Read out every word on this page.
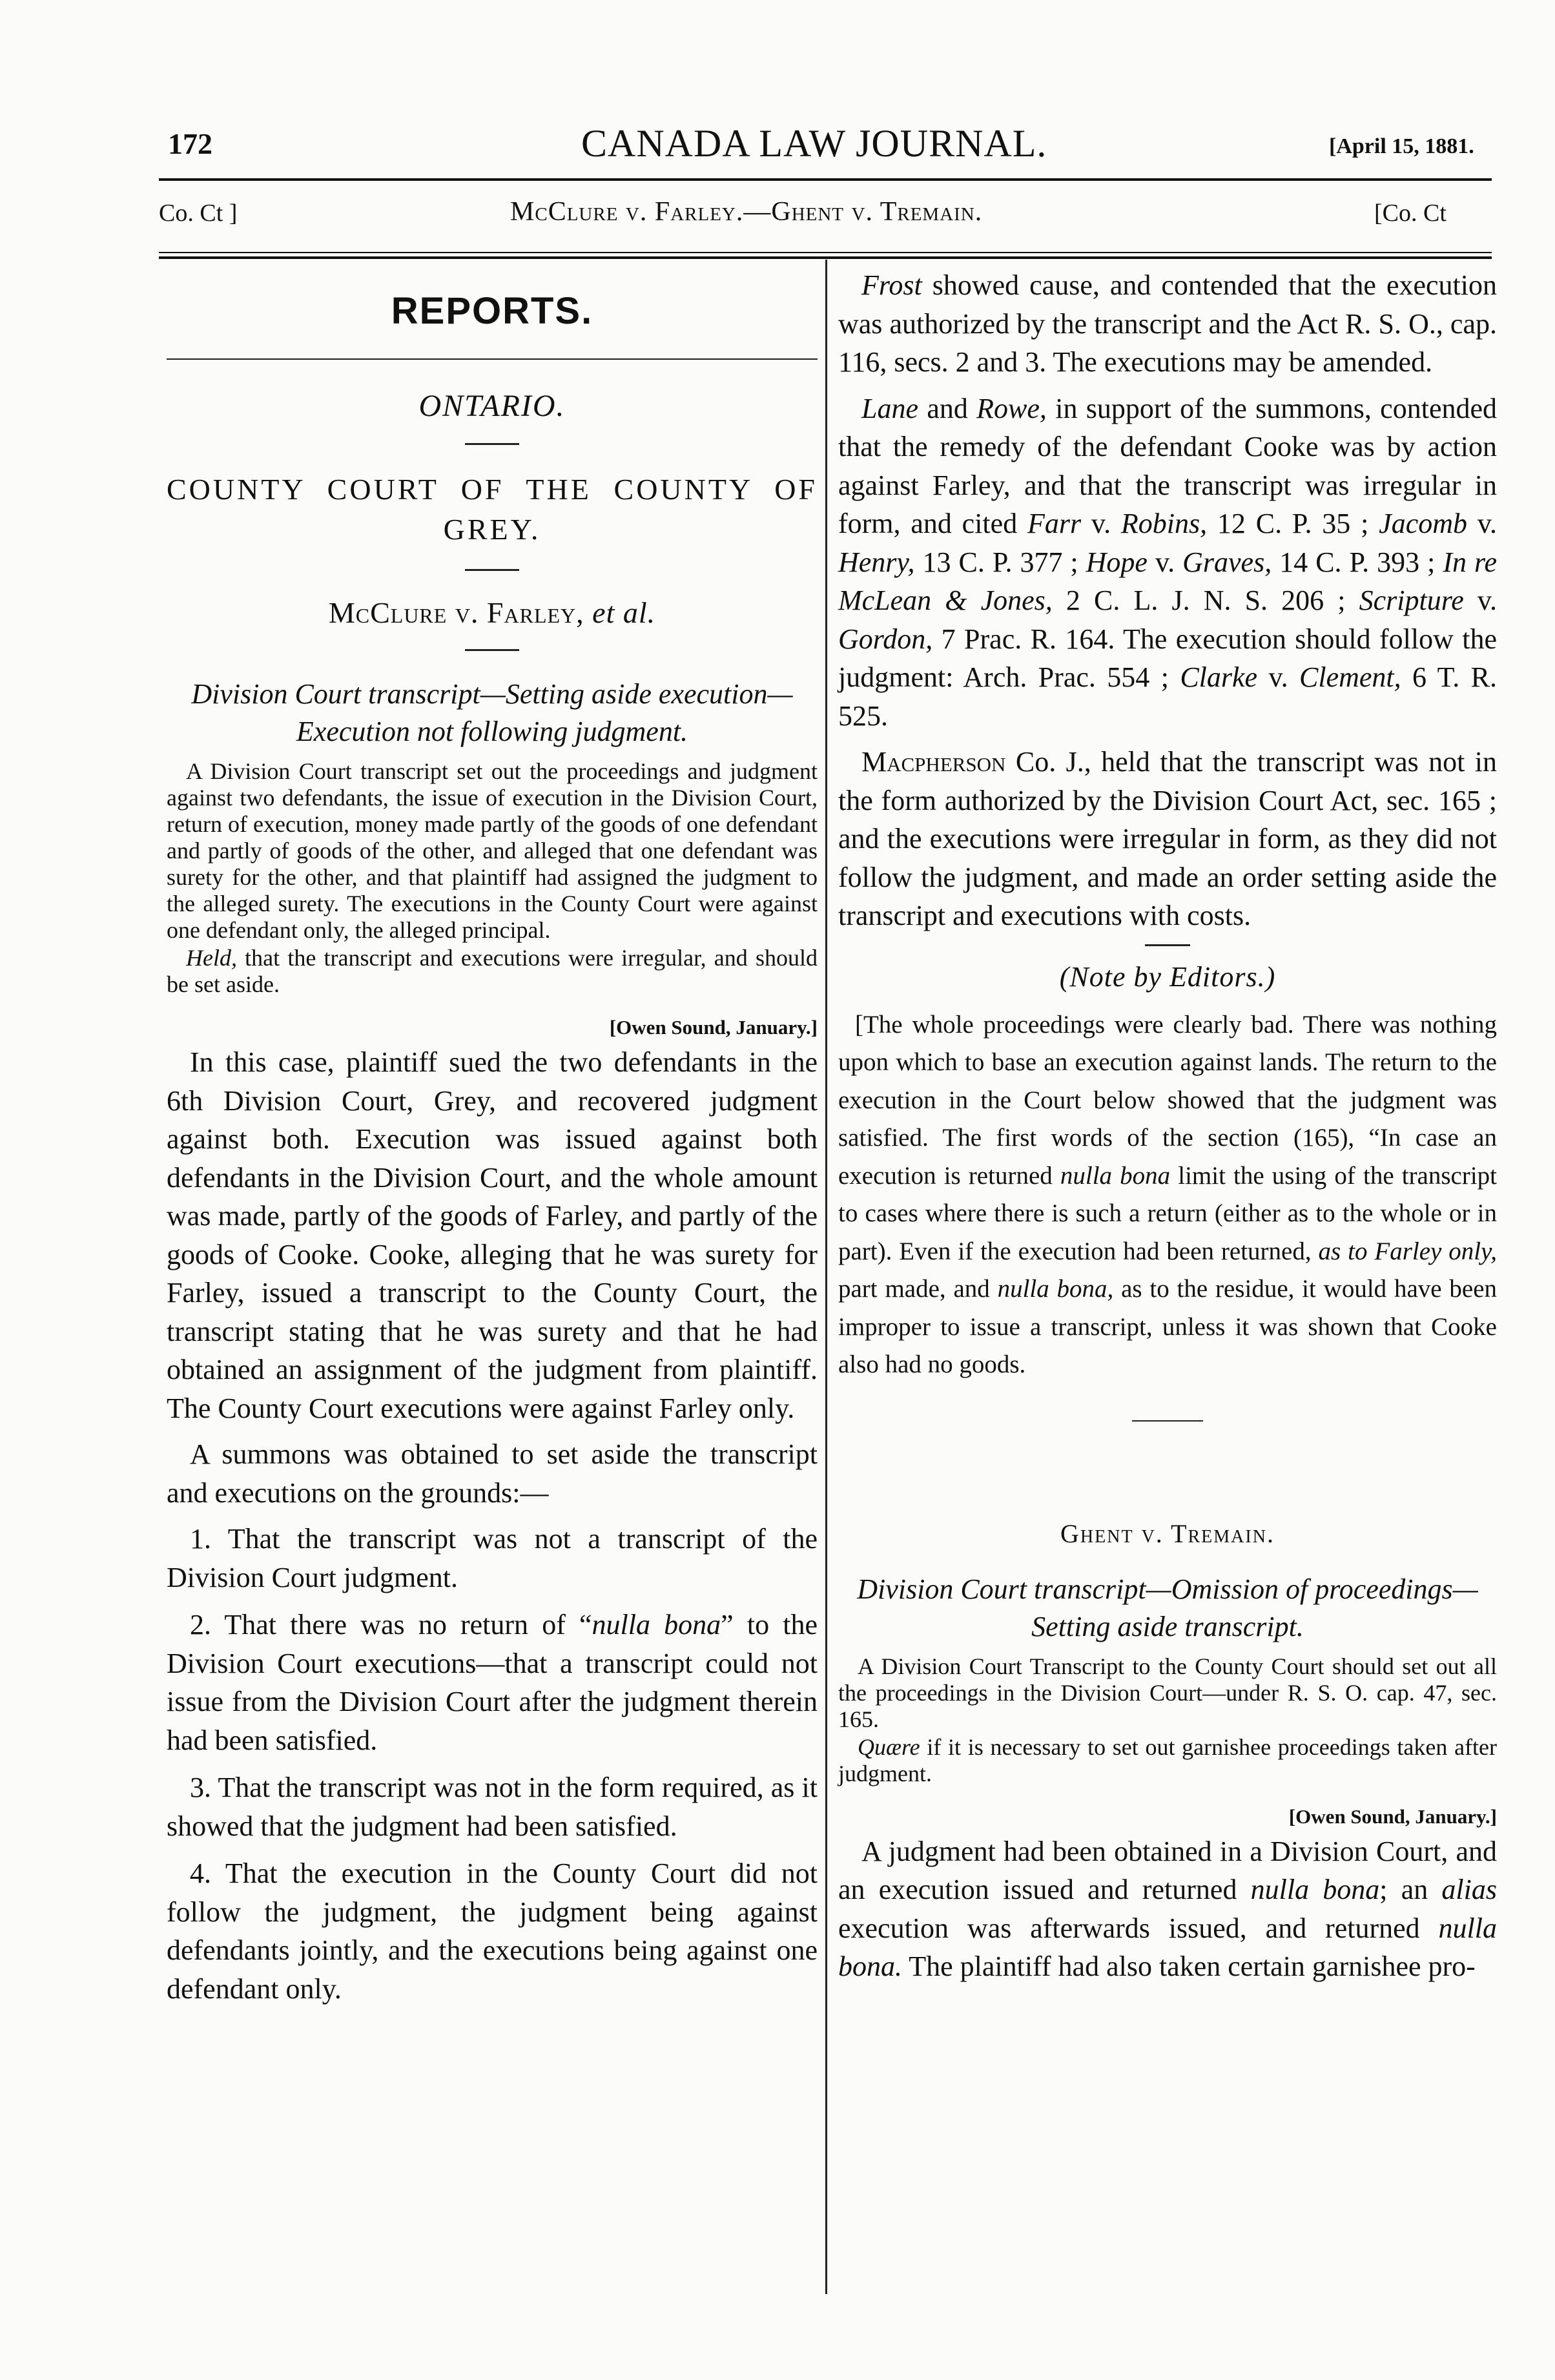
172	CANADA LAW JOURNAL.	[April 15, 1881.
Co. Ct ]	McClure v. Farley.—Ghent v. Tremain.	[Co. Ct
REPORTS.
ONTARIO.
COUNTY COURT OF THE COUNTY OF GREY.
McClure v. Farley, et al.
Division Court transcript—Setting aside execution—Execution not following judgment.

A Division Court transcript set out the proceedings and judgment against two defendants, the issue of execution in the Division Court, return of execution, money made partly of the goods of one defendant and partly of goods of the other, and alleged that one defendant was surety for the other, and that plaintiff had assigned the judgment to the alleged surety. The executions in the County Court were against one defendant only, the alleged principal.

Held, that the transcript and executions were irregular, and should be set aside.

[Owen Sound, January.]

In this case, plaintiff sued the two defendants in the 6th Division Court, Grey, and recovered judgment against both. Execution was issued against both defendants in the Division Court, and the whole amount was made, partly of the goods of Farley, and partly of the goods of Cooke. Cooke, alleging that he was surety for Farley, issued a transcript to the County Court, the transcript stating that he was surety and that he had obtained an assignment of the judgment from plaintiff. The County Court executions were against Farley only.

A summons was obtained to set aside the transcript and executions on the grounds:—

1. That the transcript was not a transcript of the Division Court judgment.

2. That there was no return of “nulla bona” to the Division Court executions—that a transcript could not issue from the Division Court after the judgment therein had been satisfied.

3. That the transcript was not in the form required, as it showed that the judgment had been satisfied.

4. That the execution in the County Court did not follow the judgment, the judgment being against defendants jointly, and the executions being against one defendant only.

Frost showed cause, and contended that the execution was authorized by the transcript and the Act R. S. O., cap. 116, secs. 2 and 3. The executions may be amended.

Lane and Rowe, in support of the summons, contended that the remedy of the defendant Cooke was by action against Farley, and that the transcript was irregular in form, and cited Farr v. Robins, 12 C. P. 35 ; Jacomb v. Henry, 13 C. P. 377 ; Hope v. Graves, 14 C. P. 393 ; In re McLean & Jones, 2 C. L. J. N. S. 206 ; Scripture v. Gordon, 7 Prac. R. 164. The execution should follow the judgment: Arch. Prac. 554 ; Clarke v. Clement, 6 T. R. 525.

Macpherson Co. J., held that the transcript was not in the form authorized by the Division Court Act, sec. 165 ; and the executions were irregular in form, as they did not follow the judgment, and made an order setting aside the transcript and executions with costs.

(Note by Editors.)

[The whole proceedings were clearly bad. There was nothing upon which to base an execution against lands. The return to the execution in the Court below showed that the judgment was satisfied. The first words of the section (165), “In case an execution is returned nulla bona limit the using of the transcript to cases where there is such a return (either as to the whole or in part). Even if the execution had been returned, as to Farley only, part made, and nulla bona, as to the residue, it would have been improper to issue a transcript, unless it was shown that Cooke also had no goods.

Ghent v. Tremain.
Division Court transcript—Omission of proceedings—Setting aside transcript.

A Division Court Transcript to the County Court should set out all the proceedings in the Division Court—under R. S. O. cap. 47, sec. 165.

Quære if it is necessary to set out garnishee proceedings taken after judgment.

[Owen Sound, January.]

A judgment had been obtained in a Division Court, and an execution issued and returned nulla bona; an alias execution was afterwards issued, and returned nulla bona. The plaintiff had also taken certain garnishee pro-
